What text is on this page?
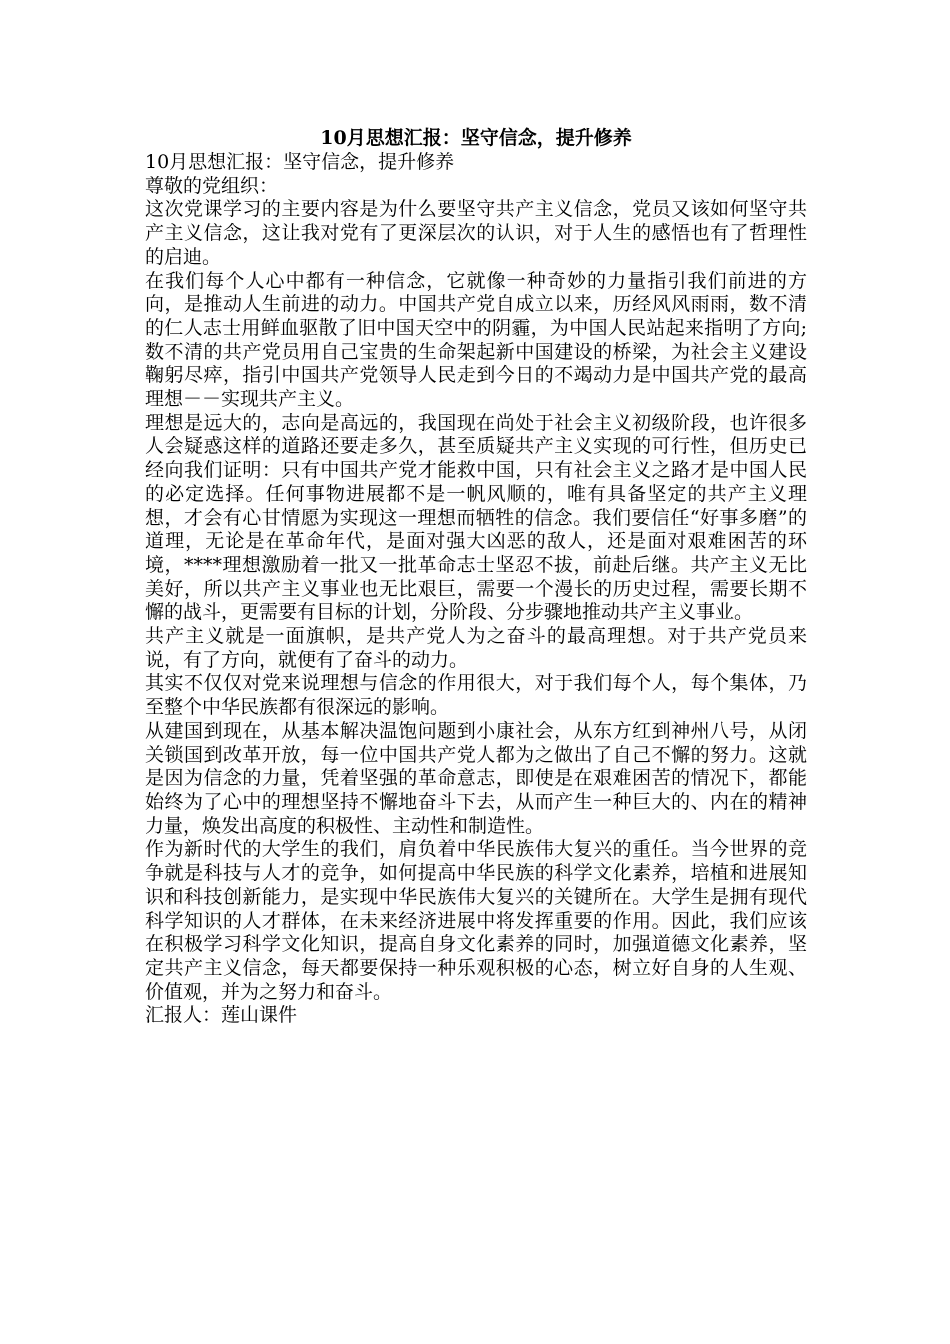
10月思想汇报：坚守信念，提升修养

10月思想汇报：坚守信念，提升修养

尊敬的党组织：

这次党课学习的主要内容是为什么要坚守共产主义信念，党员又该如何坚守共产主义信念，这让我对党有了更深层次的认识，对于人生的感悟也有了哲理性的启迪。

在我们每个人心中都有一种信念，它就像一种奇妙的力量指引我们前进的方向，是推动人生前进的动力。中国共产党自成立以来，历经风风雨雨，数不清的仁人志士用鲜血驱散了旧中国天空中的阴霾，为中国人民站起来指明了方向;数不清的共产党员用自己宝贵的生命架起新中国建设的桥梁，为社会主义建设鞠躬尽瘁，指引中国共产党领导人民走到今日的不竭动力是中国共产党的最高理想－－实现共产主义。

理想是远大的，志向是高远的，我国现在尚处于社会主义初级阶段，也许很多人会疑惑这样的道路还要走多久，甚至质疑共产主义实现的可行性，但历史已经向我们证明：只有中国共产党才能救中国，只有社会主义之路才是中国人民的必定选择。任何事物进展都不是一帆风顺的，唯有具备坚定的共产主义理想，才会有心甘情愿为实现这一理想而牺牲的信念。我们要信任“好事多磨”的道理，无论是在革命年代，是面对强大凶恶的敌人，还是面对艰难困苦的环境，****理想激励着一批又一批革命志士坚忍不拔，前赴后继。共产主义无比美好，所以共产主义事业也无比艰巨，需要一个漫长的历史过程，需要长期不懈的战斗，更需要有目标的计划，分阶段、分步骤地推动共产主义事业。

共产主义就是一面旗帜，是共产党人为之奋斗的最高理想。对于共产党员来说，有了方向，就便有了奋斗的动力。

其实不仅仅对党来说理想与信念的作用很大，对于我们每个人，每个集体，乃至整个中华民族都有很深远的影响。

从建国到现在，从基本解决温饱问题到小康社会，从东方红到神州八号，从闭关锁国到改革开放，每一位中国共产党人都为之做出了自己不懈的努力。这就是因为信念的力量，凭着坚强的革命意志，即使是在艰难困苦的情况下，都能始终为了心中的理想坚持不懈地奋斗下去，从而产生一种巨大的、内在的精神力量，焕发出高度的积极性、主动性和制造性。

作为新时代的大学生的我们，肩负着中华民族伟大复兴的重任。当今世界的竞争就是科技与人才的竞争，如何提高中华民族的科学文化素养，培植和进展知识和科技创新能力，是实现中华民族伟大复兴的关键所在。大学生是拥有现代科学知识的人才群体，在未来经济进展中将发挥重要的作用。因此，我们应该在积极学习科学文化知识，提高自身文化素养的同时，加强道德文化素养，坚定共产主义信念，每天都要保持一种乐观积极的心态，树立好自身的人生观、价值观，并为之努力和奋斗。

汇报人：莲山课件
